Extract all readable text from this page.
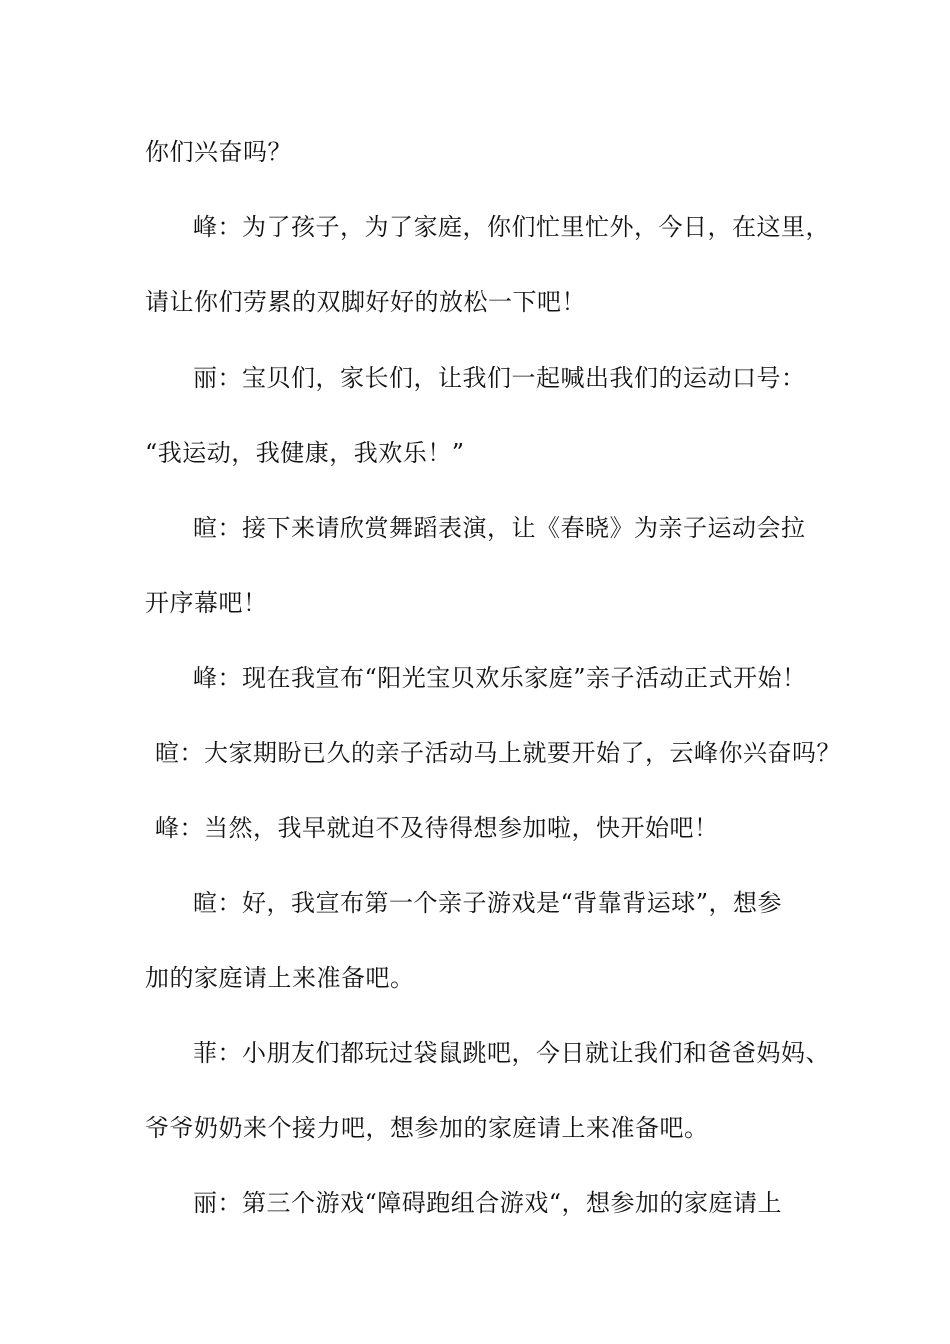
你们兴奋吗？
峰：为了孩子，为了家庭，你们忙里忙外，今日，在这里，
请让你们劳累的双脚好好的放松一下吧！
丽：宝贝们，家长们，让我们一起喊出我们的运动口号：
“我运动，我健康，我欢乐！”
暄：接下来请欣赏舞蹈表演，让《春晓》为亲子运动会拉
开序幕吧！
峰：现在我宣布“阳光宝贝欢乐家庭”亲子活动正式开始！
暄：大家期盼已久的亲子活动马上就要开始了，云峰你兴奋吗？
峰：当然，我早就迫不及待得想参加啦，快开始吧！
暄：好，我宣布第一个亲子游戏是“背靠背运球”，想参
加的家庭请上来准备吧。
菲：小朋友们都玩过袋鼠跳吧，今日就让我们和爸爸妈妈、
爷爷奶奶来个接力吧，想参加的家庭请上来准备吧。
丽：第三个游戏“障碍跑组合游戏“，想参加的家庭请上
